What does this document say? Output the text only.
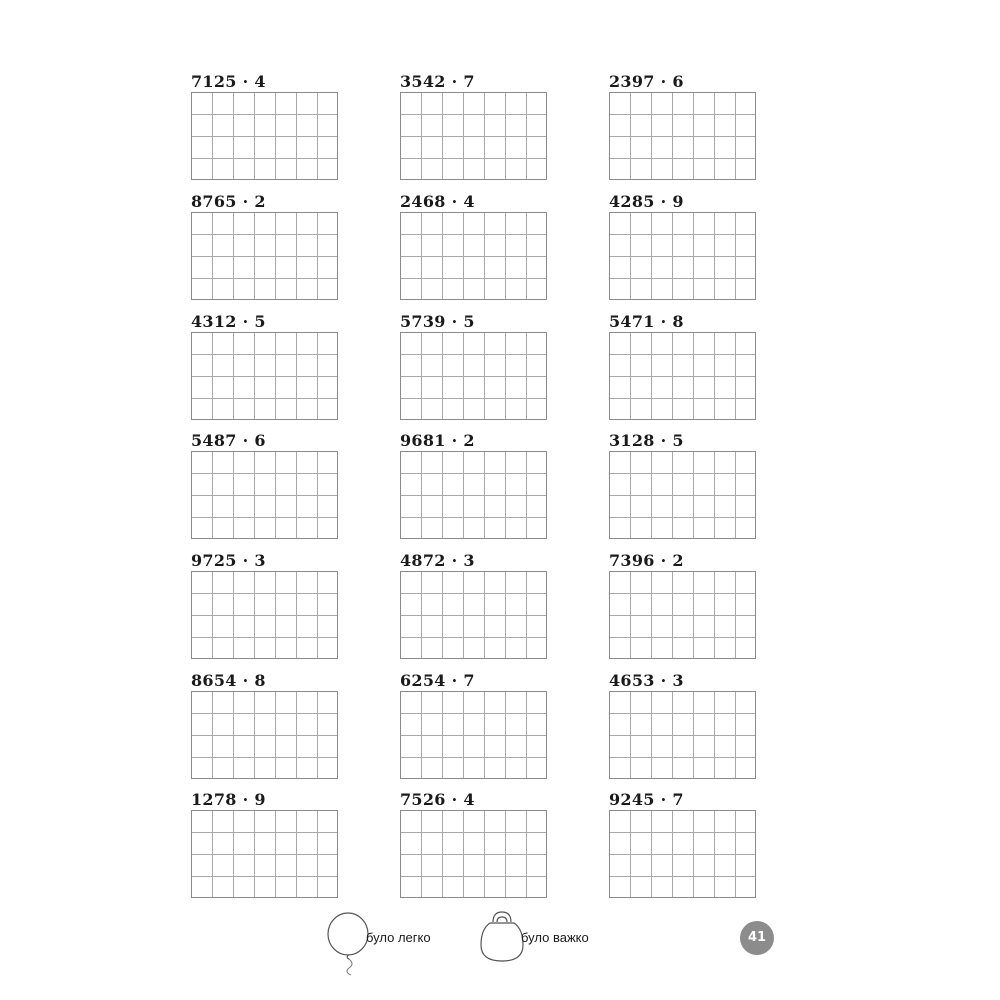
7125 · 4	3542 · 7	2397 · 6
8765 · 2	2468 · 4	4285 · 9
4312 · 5	5739 · 5	5471 · 8
5487 · 6	9681 · 2	3128 · 5
9725 · 3	4872 · 3	7396 · 2
8654 · 8	6254 · 7	4653 · 3
1278 · 9	7526 · 4	9245 · 7
було легко	було важко	41
